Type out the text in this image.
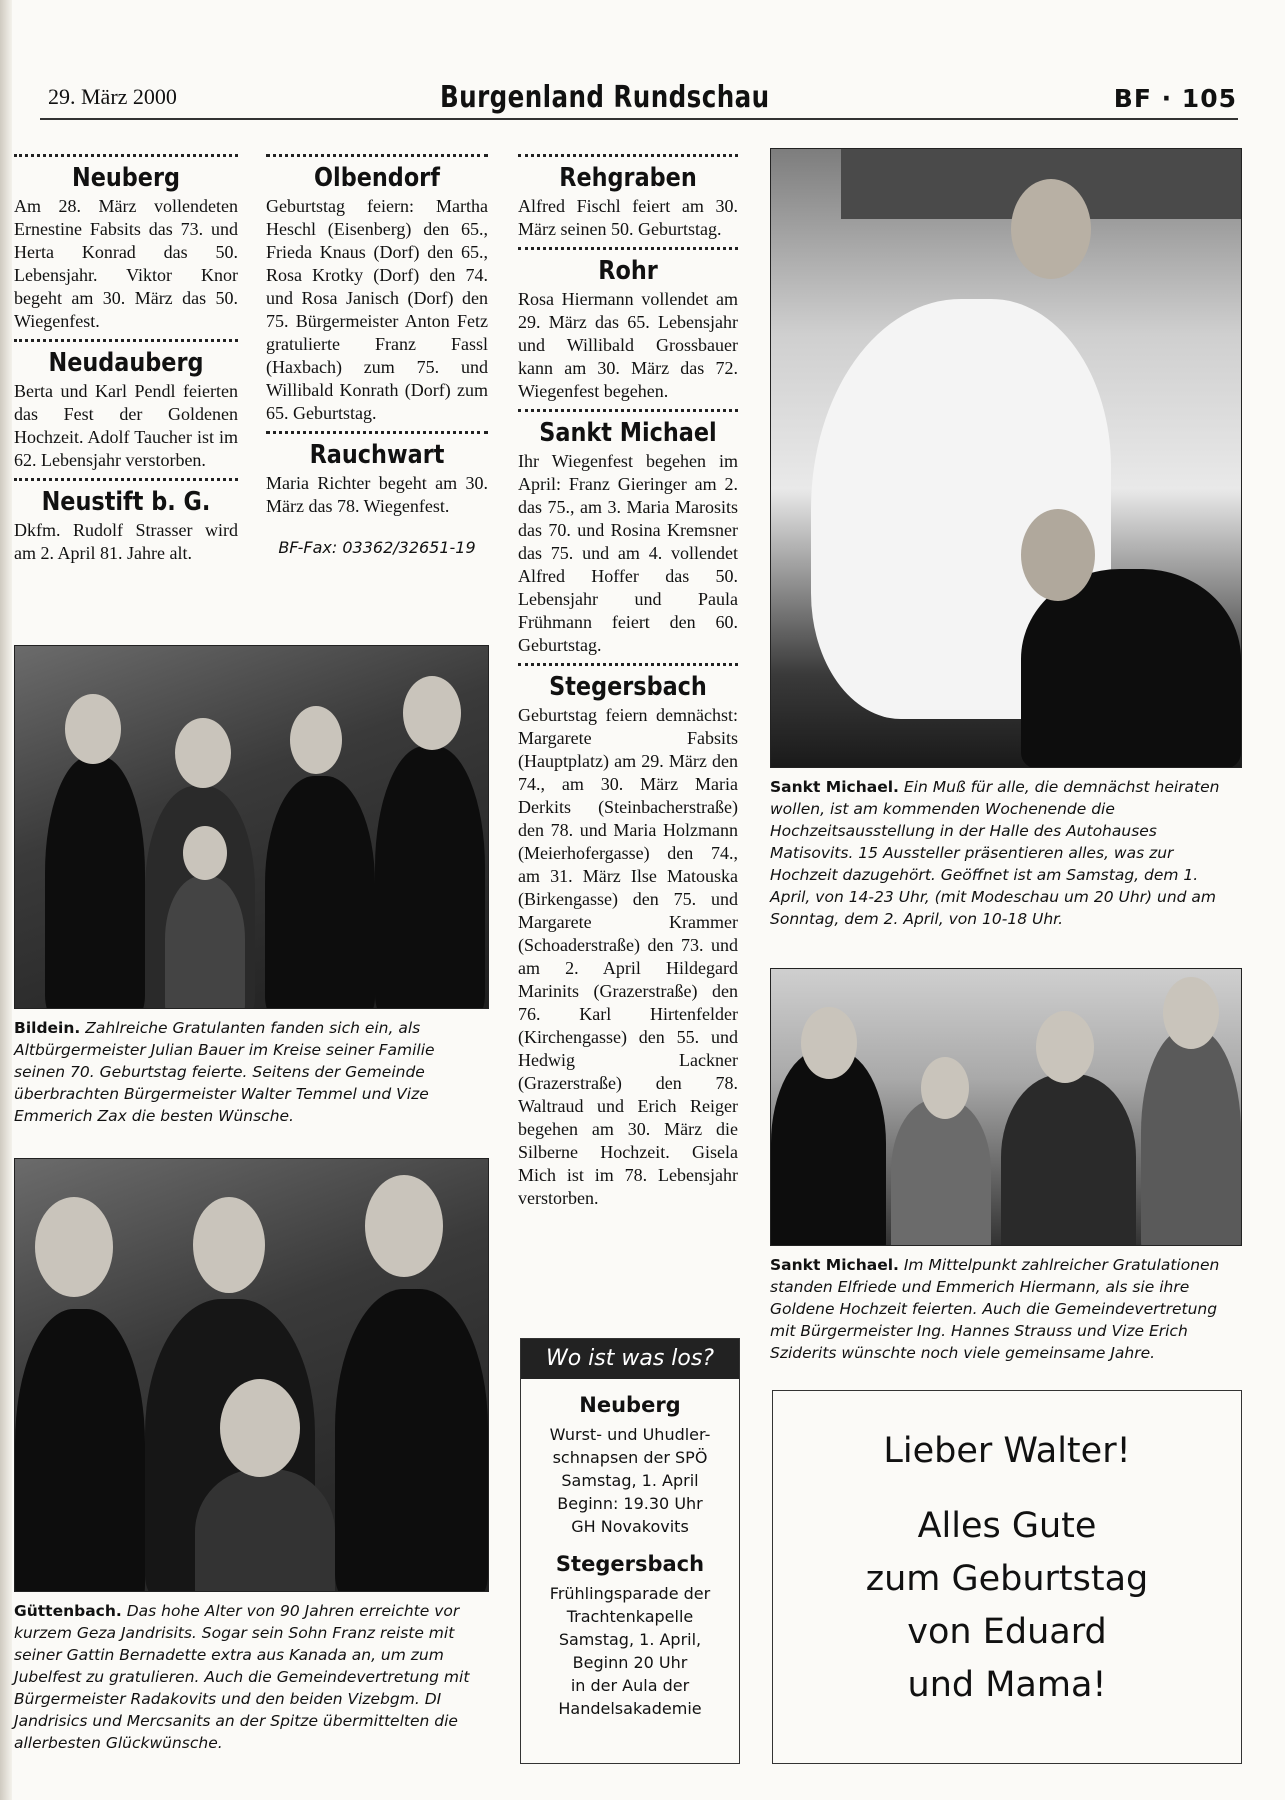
29. März 2000	Burgenland Rundschau	BF · 105
Neuberg
Am 28. März vollendeten Ernestine Fabsits das 73. und Herta Konrad das 50. Lebensjahr. Viktor Knor begeht am 30. März das 50. Wiegenfest.
Neudauberg
Berta und Karl Pendl feierten das Fest der Goldenen Hochzeit. Adolf Taucher ist im 62. Lebensjahr verstorben.
Neustift b. G.
Dkfm. Rudolf Strasser wird am 2. April 81. Jahre alt.
Olbendorf
Geburtstag feiern: Martha Heschl (Eisenberg) den 65., Frieda Knaus (Dorf) den 65., Rosa Krotky (Dorf) den 74. und Rosa Janisch (Dorf) den 75. Bürgermeister Anton Fetz gratulierte Franz Fassl (Haxbach) zum 75. und Willibald Konrath (Dorf) zum 65. Geburtstag.
Rauchwart
Maria Richter begeht am 30. März das 78. Wiegenfest.
BF-Fax: 03362/32651-19
Rehgraben
Alfred Fischl feiert am 30. März seinen 50. Geburtstag.
Rohr
Rosa Hiermann vollendet am 29. März das 65. Lebensjahr und Willibald Grossbauer kann am 30. März das 72. Wiegenfest begehen.
Sankt Michael
Ihr Wiegenfest begehen im April: Franz Gieringer am 2. das 75., am 3. Maria Marosits das 70. und Rosina Kremsner das 75. und am 4. vollendet Alfred Hoffer das 50. Lebensjahr und Paula Frühmann feiert den 60. Geburtstag.
Stegersbach
Geburtstag feiern demnächst: Margarete Fabsits (Hauptplatz) am 29. März den 74., am 30. März Maria Derkits (Steinbacherstraße) den 78. und Maria Holzmann (Meierhofergasse) den 74., am 31. März Ilse Matouska (Birkengasse) den 75. und Margarete Krammer (Schoaderstraße) den 73. und am 2. April Hildegard Marinits (Grazerstraße) den 76. Karl Hirtenfelder (Kirchengasse) den 55. und Hedwig Lackner (Grazerstraße) den 78. Waltraud und Erich Reiger begehen am 30. März die Silberne Hochzeit. Gisela Mich ist im 78. Lebensjahr verstorben.
Bildein. Zahlreiche Gratulanten fanden sich ein, als Altbürgermeister Julian Bauer im Kreise seiner Familie seinen 70. Geburtstag feierte. Seitens der Gemeinde überbrachten Bürgermeister Walter Temmel und Vize Emmerich Zax die besten Wünsche.
Güttenbach. Das hohe Alter von 90 Jahren erreichte vor kurzem Geza Jandrisits. Sogar sein Sohn Franz reiste mit seiner Gattin Bernadette extra aus Kanada an, um zum Jubelfest zu gratulieren. Auch die Gemeindevertretung mit Bürgermeister Radakovits und den beiden Vizebgm. DI Jandrisics und Mercsanits an der Spitze übermittelten die allerbesten Glückwünsche.
Sankt Michael. Ein Muß für alle, die demnächst heiraten wollen, ist am kommenden Wochenende die Hochzeitsausstellung in der Halle des Autohauses Matisovits. 15 Aussteller präsentieren alles, was zur Hochzeit dazugehört. Geöffnet ist am Samstag, dem 1. April, von 14-23 Uhr, (mit Modeschau um 20 Uhr) und am Sonntag, dem 2. April, von 10-18 Uhr.
Sankt Michael. Im Mittelpunkt zahlreicher Gratulationen standen Elfriede und Emmerich Hiermann, als sie ihre Goldene Hochzeit feierten. Auch die Gemeindevertretung mit Bürgermeister Ing. Hannes Strauss und Vize Erich Sziderits wünschte noch viele gemeinsame Jahre.
Wo ist was los?
Neuberg
Wurst- und Uhudler-
schnapsen der SPÖ
Samstag, 1. April
Beginn: 19.30 Uhr
GH Novakovits
Stegersbach
Frühlingsparade der
Trachtenkapelle
Samstag, 1. April,
Beginn 20 Uhr
in der Aula der
Handelsakademie
Lieber Walter!
Alles Gute
zum Geburtstag
von Eduard
und Mama!
